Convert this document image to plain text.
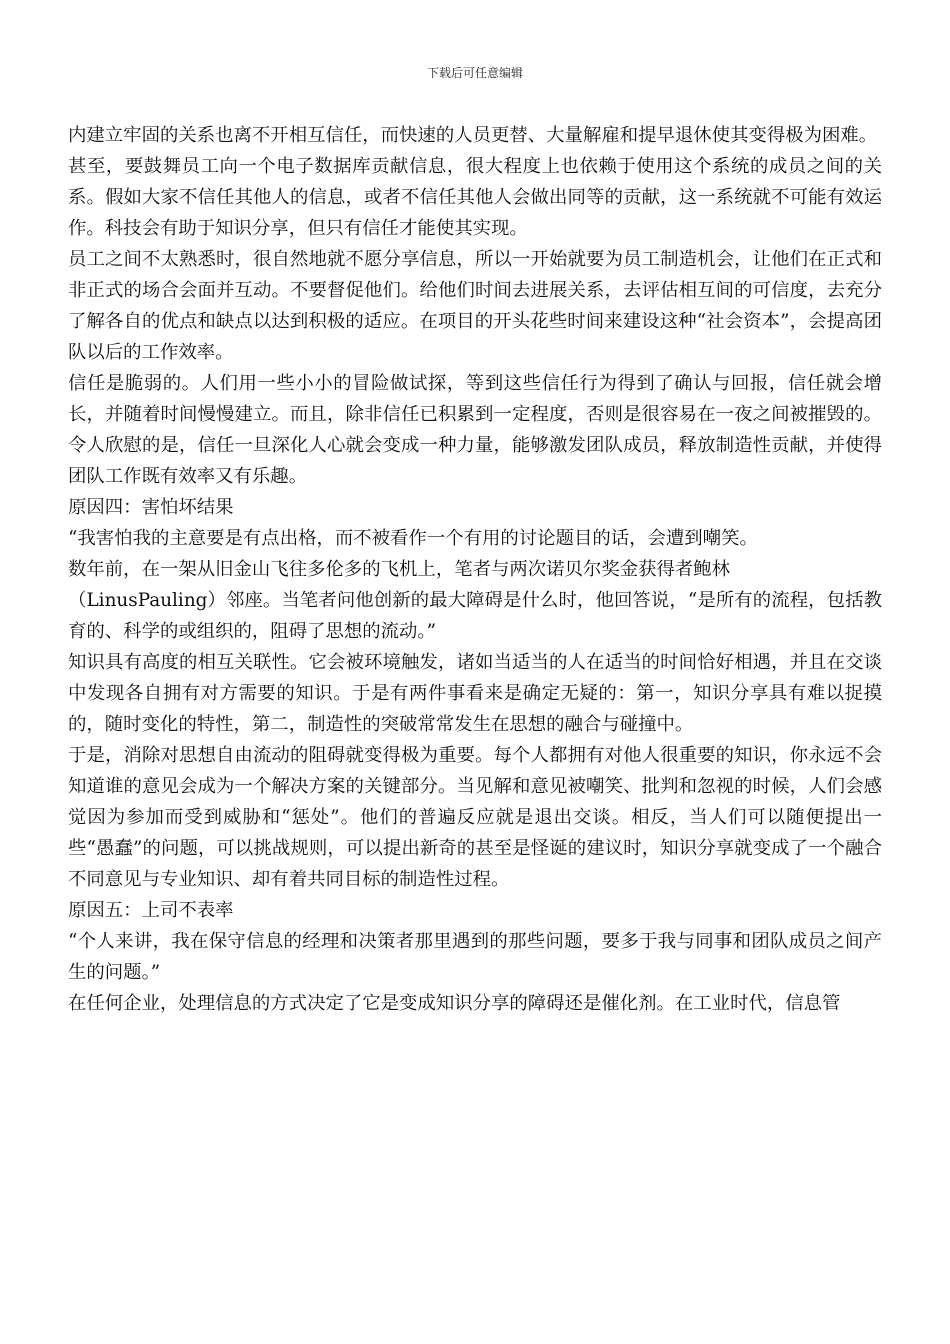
下载后可任意编辑

内建立牢固的关系也离不开相互信任，而快速的人员更替、大量解雇和提早退休使其变得极为困难。

甚至，要鼓舞员工向一个电子数据库贡献信息，很大程度上也依赖于使用这个系统的成员之间的关系。假如大家不信任其他人的信息，或者不信任其他人会做出同等的贡献，这一系统就不可能有效运作。科技会有助于知识分享，但只有信任才能使其实现。

员工之间不太熟悉时，很自然地就不愿分享信息，所以一开始就要为员工制造机会，让他们在正式和非正式的场合会面并互动。不要督促他们。给他们时间去进展关系，去评估相互间的可信度，去充分了解各自的优点和缺点以达到积极的适应。在项目的开头花些时间来建设这种“社会资本”，会提高团队以后的工作效率。

信任是脆弱的。人们用一些小小的冒险做试探，等到这些信任行为得到了确认与回报，信任就会增长，并随着时间慢慢建立。而且，除非信任已积累到一定程度，否则是很容易在一夜之间被摧毁的。令人欣慰的是，信任一旦深化人心就会变成一种力量，能够激发团队成员，释放制造性贡献，并使得团队工作既有效率又有乐趣。

原因四：害怕坏结果

“我害怕我的主意要是有点出格，而不被看作一个有用的讨论题目的话，会遭到嘲笑。

数年前，在一架从旧金山飞往多伦多的飞机上，笔者与两次诺贝尔奖金获得者鲍林

（LinusPauling）邻座。当笔者问他创新的最大障碍是什么时，他回答说，“是所有的流程，包括教育的、科学的或组织的，阻碍了思想的流动。”

知识具有高度的相互关联性。它会被环境触发，诸如当适当的人在适当的时间恰好相遇，并且在交谈中发现各自拥有对方需要的知识。于是有两件事看来是确定无疑的：第一，知识分享具有难以捉摸的，随时变化的特性，第二，制造性的突破常常发生在思想的融合与碰撞中。

于是，消除对思想自由流动的阻碍就变得极为重要。每个人都拥有对他人很重要的知识，你永远不会知道谁的意见会成为一个解决方案的关键部分。当见解和意见被嘲笑、批判和忽视的时候，人们会感觉因为参加而受到威胁和“惩处”。他们的普遍反应就是退出交谈。相反，当人们可以随便提出一些“愚蠢”的问题，可以挑战规则，可以提出新奇的甚至是怪诞的建议时，知识分享就变成了一个融合不同意见与专业知识、却有着共同目标的制造性过程。

原因五：上司不表率

“个人来讲，我在保守信息的经理和决策者那里遇到的那些问题，要多于我与同事和团队成员之间产生的问题。”

在任何企业，处理信息的方式决定了它是变成知识分享的障碍还是催化剂。在工业时代，信息管
